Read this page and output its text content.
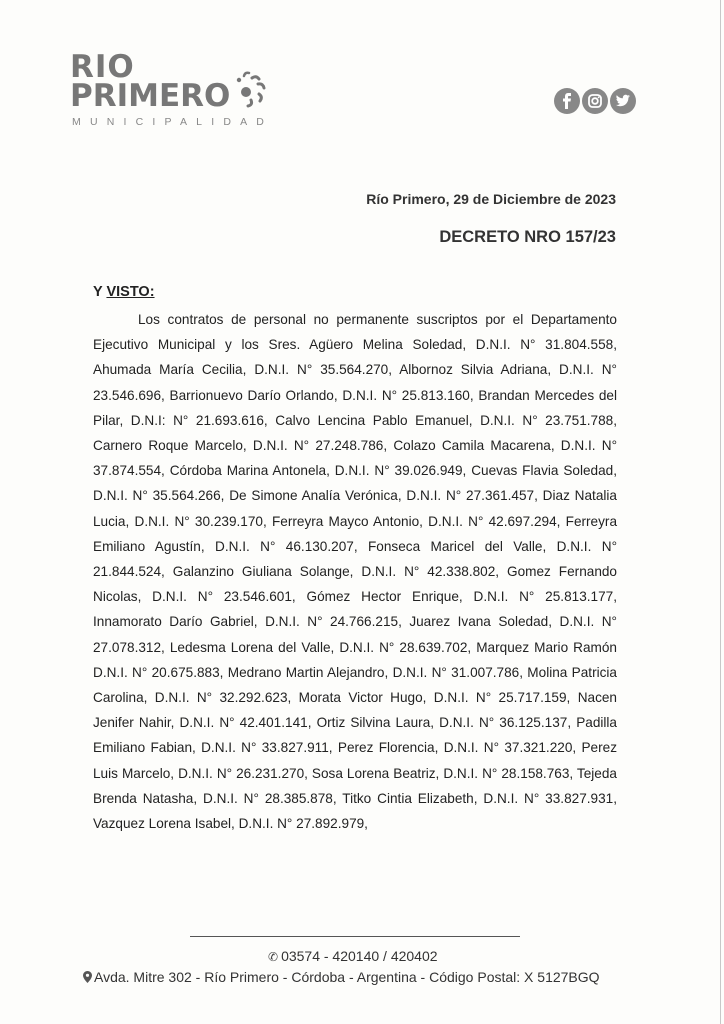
RIO
PRIMERO
MUNICIPALIDAD
Río Primero, 29 de Diciembre de 2023
DECRETO NRO 157/23
Y VISTO:

Los contratos de personal no permanente suscriptos por el Departamento Ejecutivo Municipal y los Sres. Agüero Melina Soledad, D.N.I. N° 31.804.558, Ahumada María Cecilia, D.N.I. N° 35.564.270, Albornoz Silvia Adriana, D.N.I. N° 23.546.696, Barrionuevo Darío Orlando, D.N.I. N° 25.813.160, Brandan Mercedes del Pilar, D.N.I: N° 21.693.616, Calvo Lencina Pablo Emanuel, D.N.I. N° 23.751.788, Carnero Roque Marcelo, D.N.I. N° 27.248.786, Colazo Camila Macarena, D.N.I. N° 37.874.554, Córdoba Marina Antonela, D.N.I. N° 39.026.949, Cuevas Flavia Soledad, D.N.I. N° 35.564.266, De Simone Analía Verónica, D.N.I. N° 27.361.457, Diaz Natalia Lucia, D.N.I. N° 30.239.170, Ferreyra Mayco Antonio, D.N.I. N° 42.697.294, Ferreyra Emiliano Agustín, D.N.I. N° 46.130.207, Fonseca Maricel del Valle, D.N.I. N° 21.844.524, Galanzino Giuliana Solange, D.N.I. N° 42.338.802, Gomez Fernando Nicolas, D.N.I. N° 23.546.601, Gómez Hector Enrique, D.N.I. N° 25.813.177, Innamorato Darío Gabriel, D.N.I. N° 24.766.215, Juarez Ivana Soledad, D.N.I. N° 27.078.312, Ledesma Lorena del Valle, D.N.I. N° 28.639.702, Marquez Mario Ramón D.N.I. N° 20.675.883, Medrano Martin Alejandro, D.N.I. N° 31.007.786, Molina Patricia Carolina, D.N.I. N° 32.292.623, Morata Victor Hugo, D.N.I. N° 25.717.159, Nacen Jenifer Nahir, D.N.I. N° 42.401.141, Ortiz Silvina Laura, D.N.I. N° 36.125.137, Padilla Emiliano Fabian, D.N.I. N° 33.827.911, Perez Florencia, D.N.I. N° 37.321.220, Perez Luis Marcelo, D.N.I. N° 26.231.270, Sosa Lorena Beatriz, D.N.I. N° 28.158.763, Tejeda Brenda Natasha, D.N.I. N° 28.385.878, Titko Cintia Elizabeth, D.N.I. N° 33.827.931, Vazquez Lorena Isabel, D.N.I. N° 27.892.979,

✆ 03574 - 420140 / 420402
Avda. Mitre 302 - Río Primero - Córdoba - Argentina - Código Postal: X 5127BGQ
